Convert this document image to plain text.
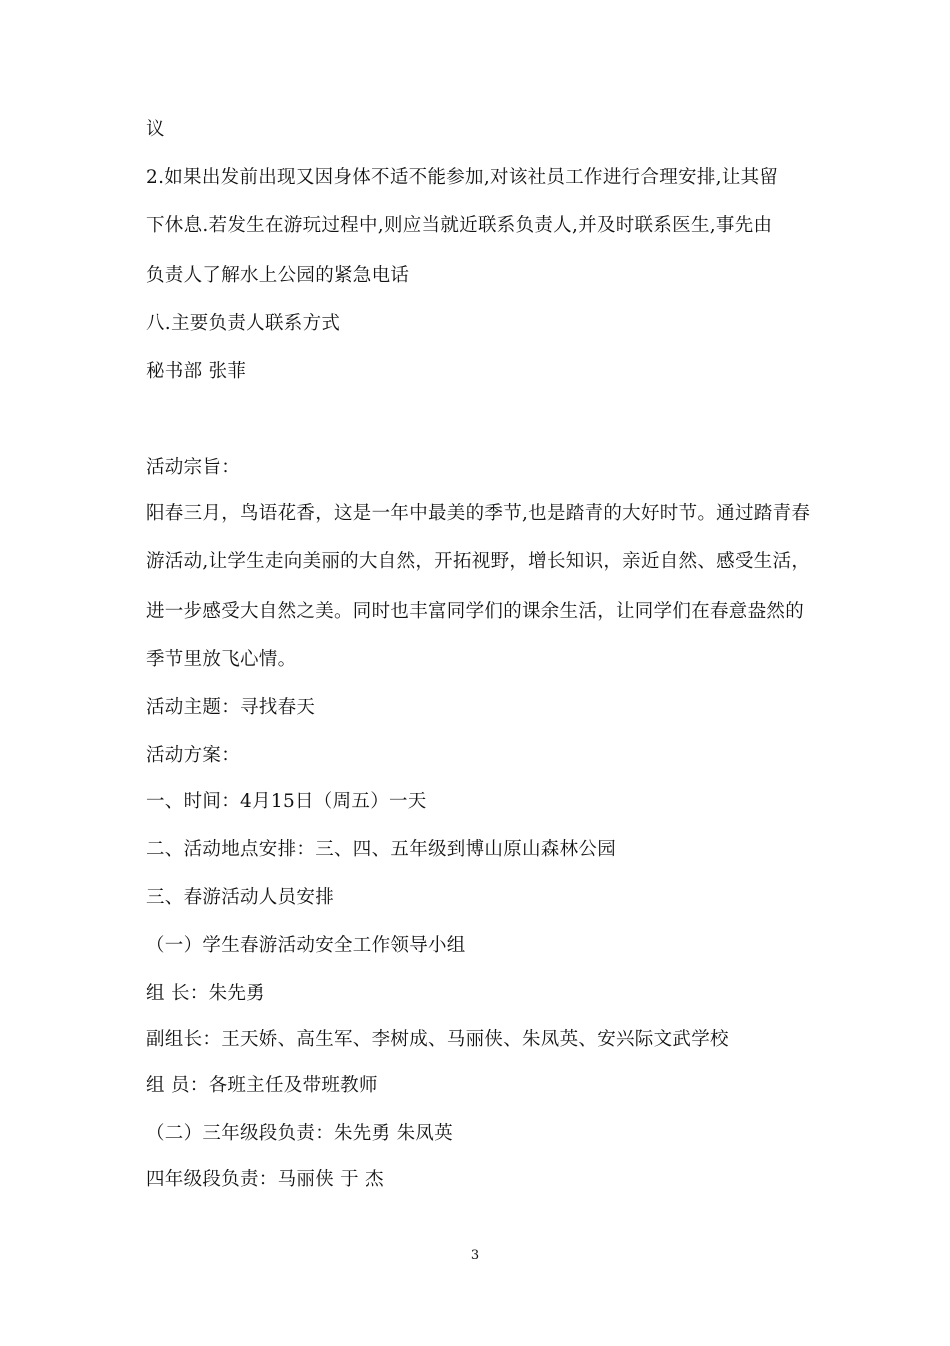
议
2.如果出发前出现又因身体不适不能参加,对该社员工作进行合理安排,让其留
下休息.若发生在游玩过程中,则应当就近联系负责人,并及时联系医生,事先由
负责人了解水上公园的紧急电话
八.主要负责人联系方式
秘书部 张菲
活动宗旨：
阳春三月，鸟语花香，这是一年中最美的季节,也是踏青的大好时节。通过踏青春
游活动,让学生走向美丽的大自然，开拓视野，增长知识，亲近自然、感受生活，
进一步感受大自然之美。同时也丰富同学们的课余生活，让同学们在春意盎然的
季节里放飞心情。
活动主题：寻找春天
活动方案：
一、时间：4月15日（周五）一天
二、活动地点安排：三、四、五年级到博山原山森林公园
三、春游活动人员安排
（一）学生春游活动安全工作领导小组
组 长：朱先勇
副组长：王天娇、高生军、李树成、马丽侠、朱凤英、安兴际文武学校
组 员：各班主任及带班教师
（二）三年级段负责：朱先勇 朱凤英
四年级段负责：马丽侠 于 杰
3
